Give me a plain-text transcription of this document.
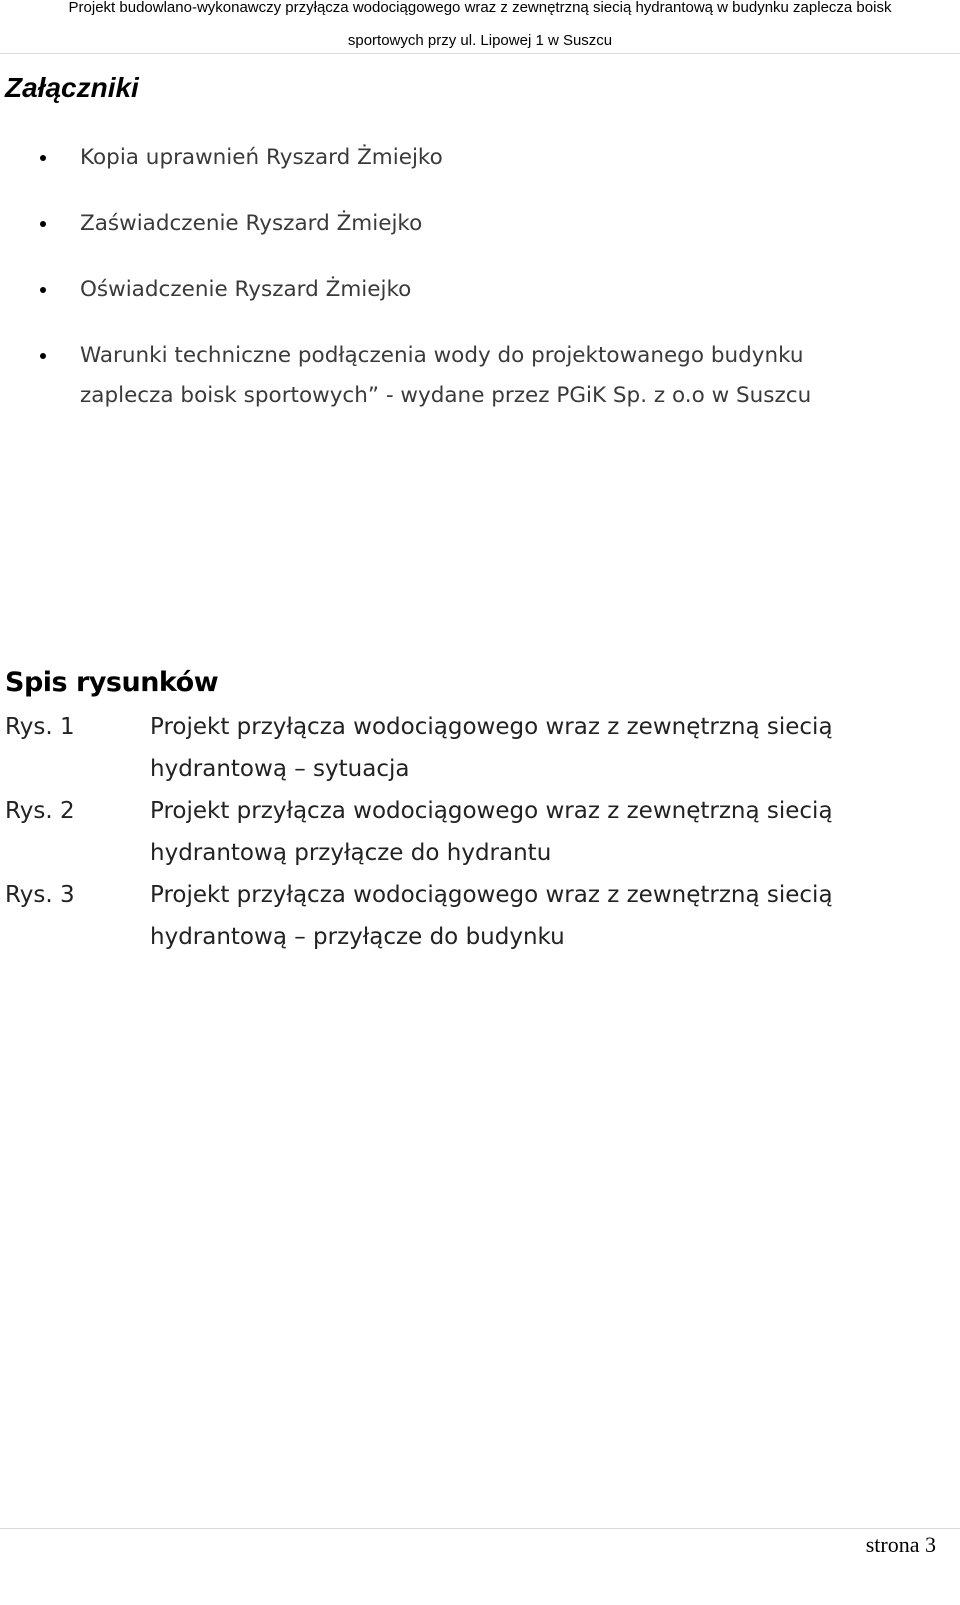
Projekt budowlano-wykonawczy przyłącza wodociągowego wraz z zewnętrzną siecią hydrantową w budynku zaplecza boisk
sportowych przy ul. Lipowej 1 w Suszcu
Załączniki
Kopia uprawnień Ryszard Żmiejko
Zaświadczenie Ryszard Żmiejko
Oświadczenie Ryszard Żmiejko
Warunki techniczne podłączenia wody do projektowanego budynku
zaplecza boisk sportowych” - wydane przez PGiK Sp. z o.o w Suszcu
Spis rysunków
Rys. 1	Projekt przyłącza wodociągowego wraz z zewnętrzną siecią
hydrantową – sytuacja
Rys. 2	Projekt przyłącza wodociągowego wraz z zewnętrzną siecią
hydrantową przyłącze do hydrantu
Rys. 3	Projekt przyłącza wodociągowego wraz z zewnętrzną siecią
hydrantową – przyłącze do budynku
strona 3
